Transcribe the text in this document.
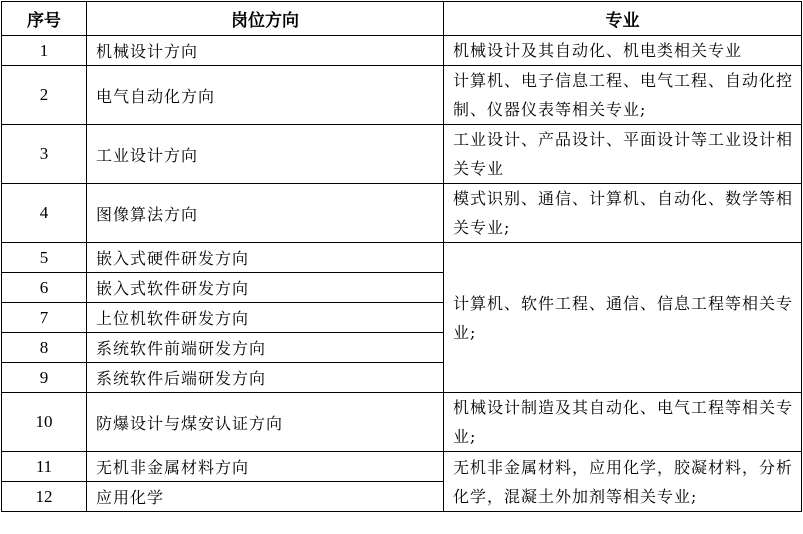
序号	岗位方向	专业
1	机械设计方向	机械设计及其自动化、机电类相关专业
2	电气自动化方向	计算机、电子信息工程、电气工程、自动化控制、仪器仪表等相关专业;
3	工业设计方向	工业设计、产品设计、平面设计等工业设计相关专业
4	图像算法方向	模式识别、通信、计算机、自动化、数学等相关专业;
5	嵌入式硬件研发方向	计算机、软件工程、通信、信息工程等相关专业;
6	嵌入式软件研发方向	
7	上位机软件研发方向	
8	系统软件前端研发方向	
9	系统软件后端研发方向	
10	防爆设计与煤安认证方向	机械设计制造及其自动化、电气工程等相关专业;
11	无机非金属材料方向	无机非金属材料，应用化学，胶凝材料，分析化学，混凝土外加剂等相关专业;
12	应用化学	
